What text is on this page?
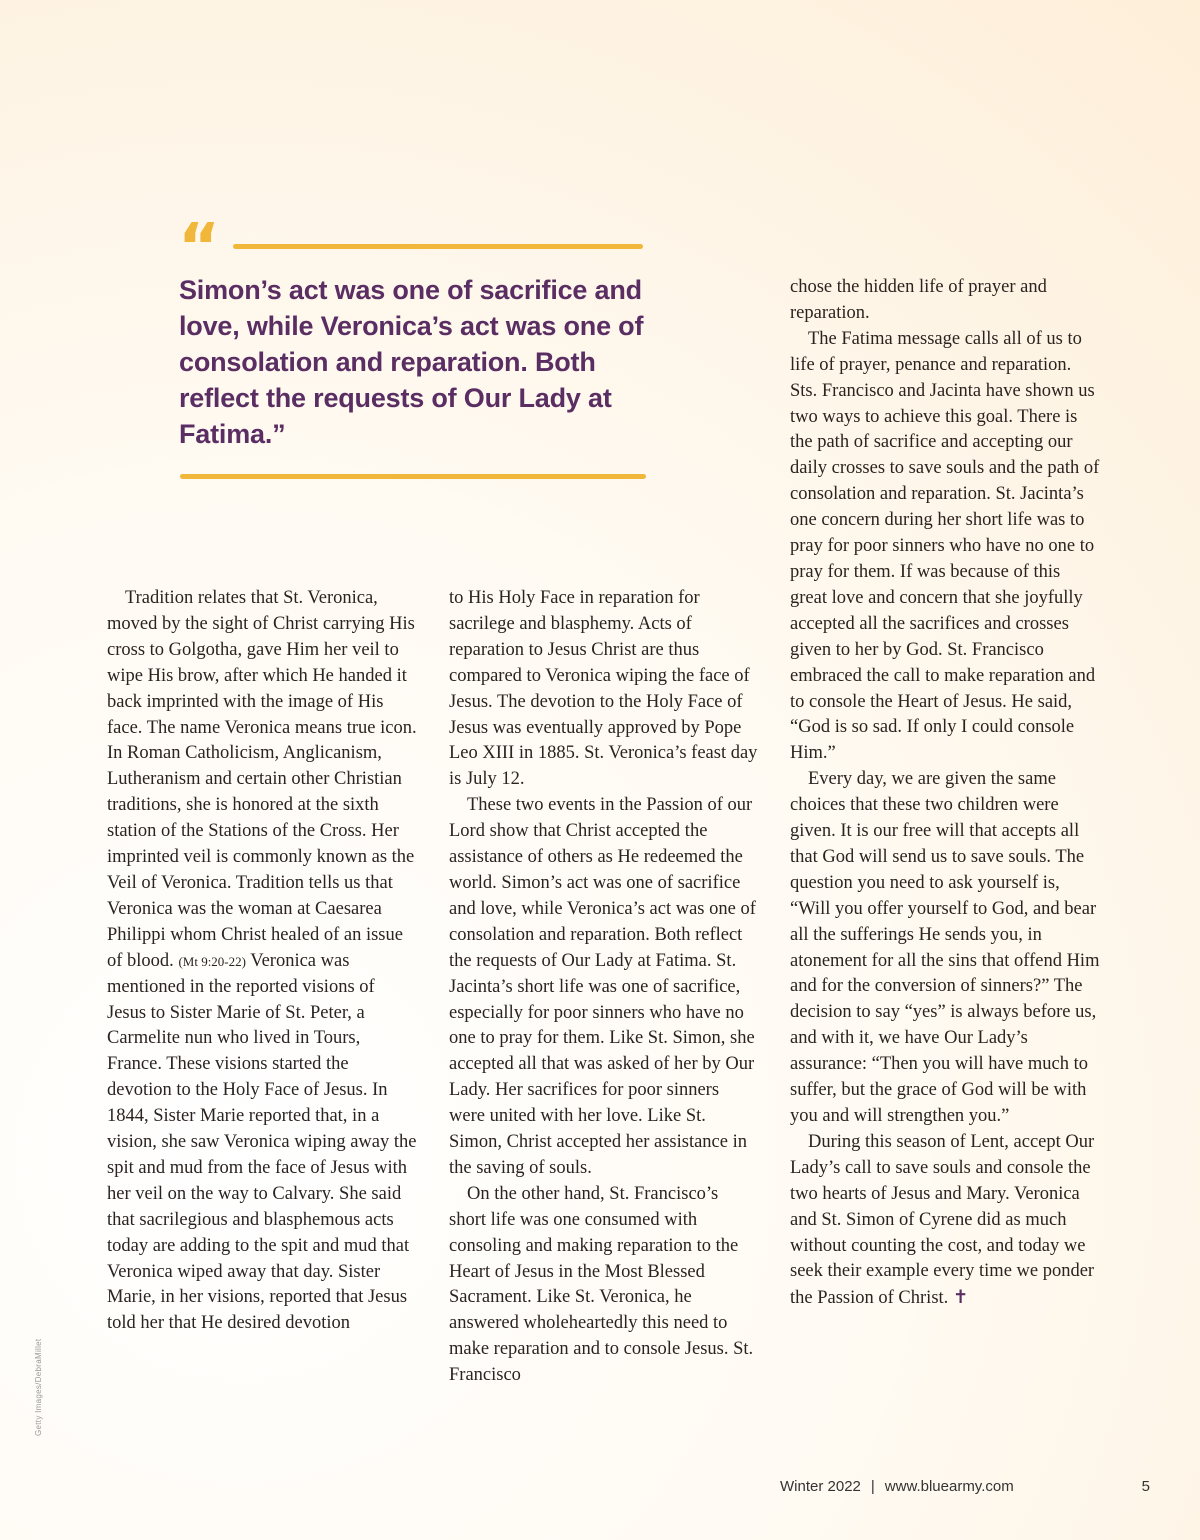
“

Simon’s act was one of sacrifice and love, while Veronica’s act was one of consolation and reparation. Both reflect the requests of Our Lady at Fatima.”

Tradition relates that St. Veronica, moved by the sight of Christ carrying His cross to Golgotha, gave Him her veil to wipe His brow, after which He handed it back imprinted with the image of His face. The name Veronica means true icon. In Roman Catholicism, Anglicanism, Lutheranism and certain other Christian traditions, she is honored at the sixth station of the Stations of the Cross. Her imprinted veil is commonly known as the Veil of Veronica. Tradition tells us that Veronica was the woman at Caesarea Philippi whom Christ healed of an issue of blood. (Mt 9:20-22) Veronica was mentioned in the reported visions of Jesus to Sister Marie of St. Peter, a Carmelite nun who lived in Tours, France. These visions started the devotion to the Holy Face of Jesus. In 1844, Sister Marie reported that, in a vision, she saw Veronica wiping away the spit and mud from the face of Jesus with her veil on the way to Calvary. She said that sacrilegious and blasphemous acts today are adding to the spit and mud that Veronica wiped away that day. Sister Marie, in her visions, reported that Jesus told her that He desired devotion

to His Holy Face in reparation for sacrilege and blasphemy. Acts of reparation to Jesus Christ are thus compared to Veronica wiping the face of Jesus. The devotion to the Holy Face of Jesus was eventually approved by Pope Leo XIII in 1885. St. Veronica’s feast day is July 12.

These two events in the Passion of our Lord show that Christ accepted the assistance of others as He redeemed the world. Simon’s act was one of sacrifice and love, while Veronica’s act was one of consolation and reparation. Both reflect the requests of Our Lady at Fatima. St. Jacinta’s short life was one of sacrifice, especially for poor sinners who have no one to pray for them. Like St. Simon, she accepted all that was asked of her by Our Lady. Her sacrifices for poor sinners were united with her love. Like St. Simon, Christ accepted her assistance in the saving of souls.

On the other hand, St. Francisco’s short life was one consumed with consoling and making reparation to the Heart of Jesus in the Most Blessed Sacrament. Like St. Veronica, he answered wholeheartedly this need to make reparation and to console Jesus. St. Francisco

chose the hidden life of prayer and reparation.

The Fatima message calls all of us to life of prayer, penance and reparation. Sts. Francisco and Jacinta have shown us two ways to achieve this goal. There is the path of sacrifice and accepting our daily crosses to save souls and the path of consolation and reparation. St. Jacinta’s one concern during her short life was to pray for poor sinners who have no one to pray for them. If was because of this great love and concern that she joyfully accepted all the sacrifices and crosses given to her by God. St. Francisco embraced the call to make reparation and to console the Heart of Jesus. He said, “God is so sad. If only I could console Him.”

Every day, we are given the same choices that these two children were given. It is our free will that accepts all that God will send us to save souls. The question you need to ask yourself is, “Will you offer yourself to God, and bear all the sufferings He sends you, in atonement for all the sins that offend Him and for the conversion of sinners?” The decision to say “yes” is always before us, and with it, we have Our Lady’s assurance: “Then you will have much to suffer, but the grace of God will be with you and will strengthen you.”

During this season of Lent, accept Our Lady’s call to save souls and console the two hearts of Jesus and Mary. Veronica and St. Simon of Cyrene did as much without counting the cost, and today we seek their example every time we ponder the Passion of Christ. ✝

Getty Images/DebraMillet
Winter 2022 | www.bluearmy.com	5
